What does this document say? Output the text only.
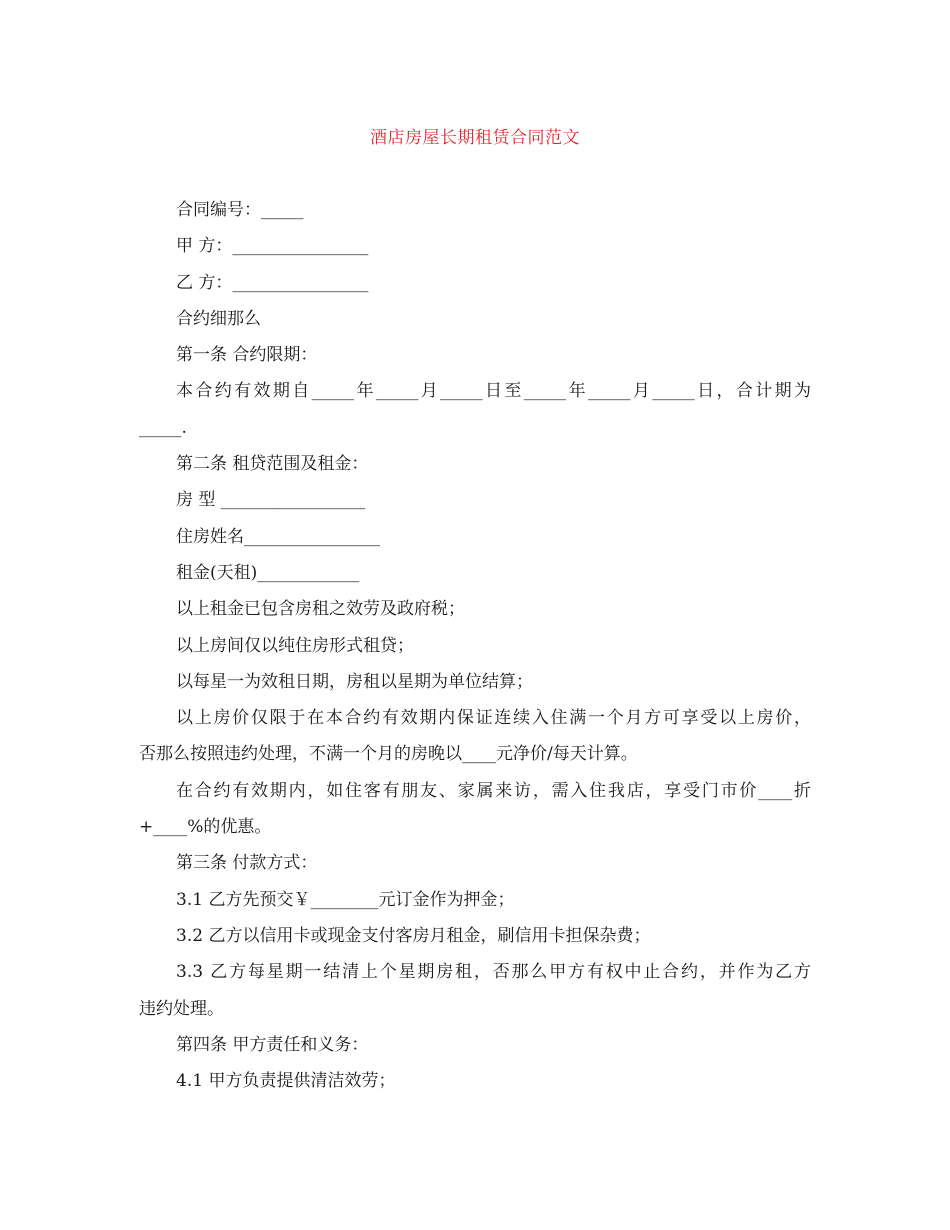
酒店房屋长期租赁合同范文
合同编号：_____
甲 方：________________
乙 方：________________
合约细那么
第一条 合约限期：
本合约有效期自_____年_____月_____日至_____年_____月_____日，合计期为
_____.
第二条 租贷范围及租金：
房 型 _________________
住房姓名________________
租金(天租)____________
以上租金已包含房租之效劳及政府税；
以上房间仅以纯住房形式租贷；
以每星一为效租日期，房租以星期为单位结算；
以上房价仅限于在本合约有效期内保证连续入住满一个月方可享受以上房价，
否那么按照违约处理，不满一个月的房晚以____元净价/每天计算。
在合约有效期内，如住客有朋友、家属来访，需入住我店，享受门市价____折
+____%的优惠。
第三条 付款方式：
3.1 乙方先预交￥________元订金作为押金；
3.2 乙方以信用卡或现金支付客房月租金，刷信用卡担保杂费；
3.3 乙方每星期一结清上个星期房租，否那么甲方有权中止合约，并作为乙方
违约处理。
第四条 甲方责任和义务：
4.1 甲方负责提供清洁效劳；
